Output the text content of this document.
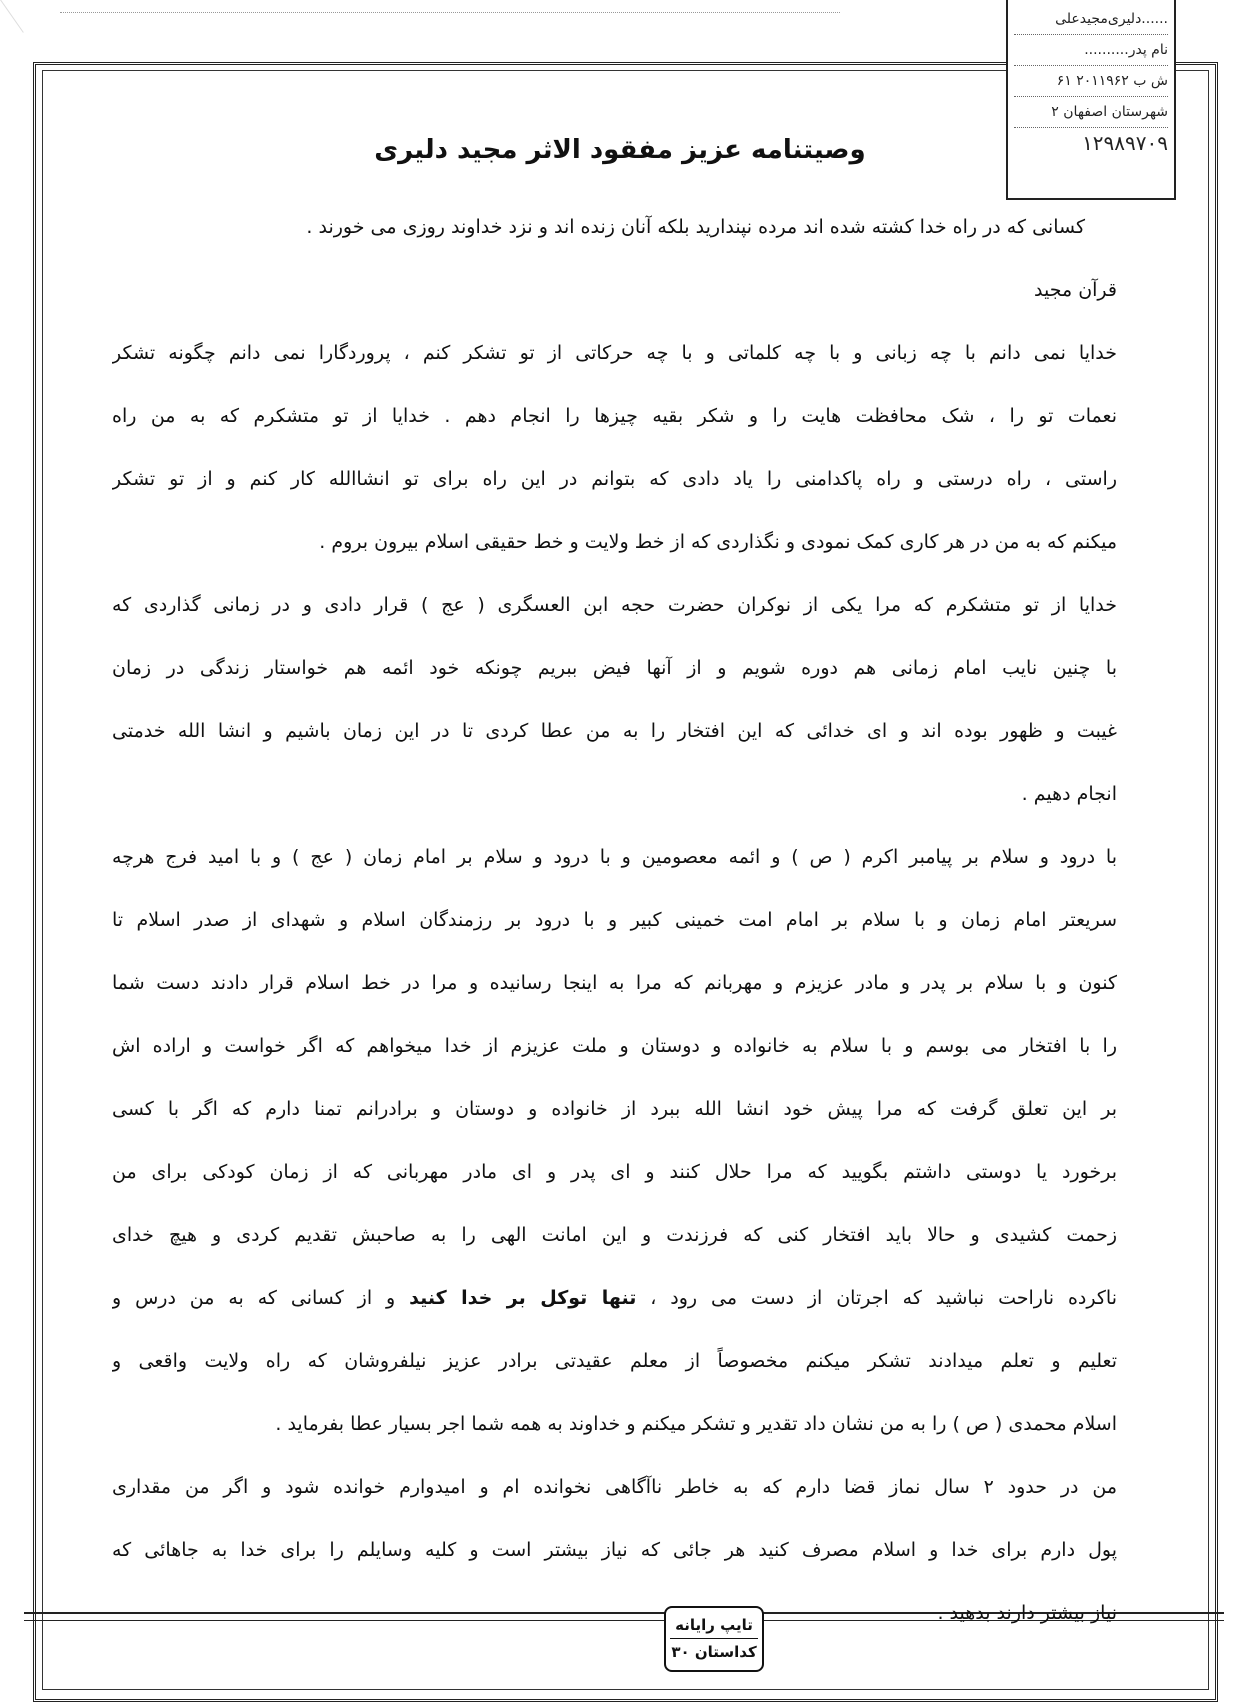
......دلیری‌مجید‌‌‌علی
نام پدر..........
ش ب ۲۰۱۱۹۶۲ ۶۱
شهرستان اصفهان ۲
۱۲۹۸۹۷۰۹
وصیتنامه عزیز مفقود الاثر مجید دلیری
کسانی که در راه خدا کشته شده اند مرده نپندارید بلکه آنان زنده اند و نزد خداوند روزی می خورند .
قرآن مجید
خدایا نمی دانم با چه زبانی و با چه کلماتی و با چه حرکاتی از تو تشکر کنم ، پروردگارا نمی دانم چگونه تشکر
نعمات تو را ، شک محافظت هایت را و شکر بقیه چیزها را انجام دهم . خدایا از تو متشکرم که به من راه
راستی ، راه درستی و راه پاکدامنی را یاد دادی که بتوانم در این راه برای تو انشاالله کار کنم و از تو تشکر
میکنم که به من در هر کاری کمک نمودی و نگذاردی که از خط ولایت و خط حقیقی اسلام بیرون بروم .
خدایا از تو متشکرم که مرا یکی از نوکران حضرت حجه ابن العسگری ( عج ) قرار دادی و در زمانی گذاردی که
با چنین نایب امام زمانی هم دوره شویم و از آنها فیض ببریم چونکه خود ائمه هم خواستار زندگی در زمان
غیبت و ظهور بوده اند و ای خدائی که این افتخار را به من عطا کردی تا در این زمان باشیم و انشا الله خدمتی
انجام دهیم .
با درود و سلام بر پیامبر اکرم ( ص ) و ائمه معصومین و با درود و سلام بر امام زمان ( عج ) و با امید فرج هرچه
سریعتر امام زمان و با سلام بر امام امت خمینی کبیر و با درود بر رزمندگان اسلام و شهدای از صدر اسلام تا
کنون و با سلام بر پدر و مادر عزیزم و مهربانم که مرا به اینجا رسانیده و مرا در خط اسلام قرار دادند دست شما
را با افتخار می بوسم و با سلام به خانواده و دوستان و ملت عزیزم از خدا میخواهم که اگر خواست و اراده اش
بر این تعلق گرفت که مرا پیش خود انشا الله ببرد از خانواده و دوستان و برادرانم تمنا دارم که اگر با کسی
برخورد یا دوستی داشتم بگویید که مرا حلال کنند و ای پدر و ای مادر مهربانی که از زمان کودکی برای من
زحمت کشیدی و حالا باید افتخار کنی که فرزندت و این امانت الهی را به صاحبش تقدیم کردی و هیچ خدای
ناکرده ناراحت نباشید که اجرتان از دست می رود ، تنها توکل بر خدا کنید و از کسانی که به من درس و
تعلیم و تعلم میدادند تشکر میکنم مخصوصاً از معلم عقیدتی برادر عزیز نیلفروشان که راه ولایت واقعی و
اسلام محمدی ( ص ) را به من نشان داد تقدیر و تشکر میکنم و خداوند به همه شما اجر بسیار عطا بفرماید .
من در حدود ۲ سال نماز قضا دارم که به خاطر ناآگاهی نخوانده ام و امیدوارم خوانده شود و اگر من مقداری
پول دارم برای خدا و اسلام مصرف کنید هر جائی که نیاز بیشتر است و کلیه وسایلم را برای خدا به جاهائی که
نیاز بیشتر دارند بدهید .
تایپ رایانه
کداستان ۳۰
